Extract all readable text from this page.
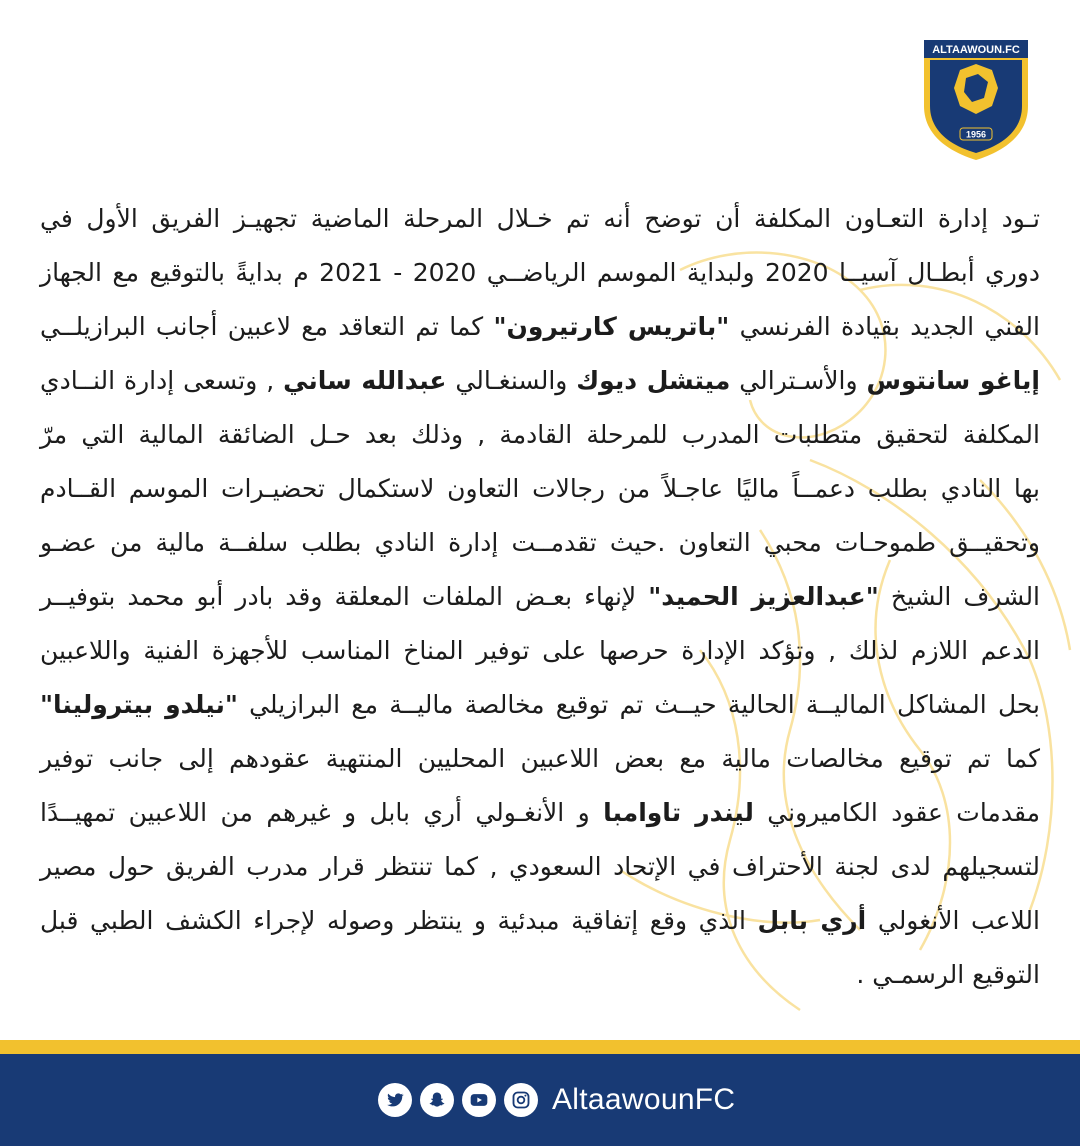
ALTAAWOUN.FC
1956
تـود إدارة التعـاون المكلفة أن توضح أنه تم خـلال المرحلة الماضية تجهيـز الفريق الأول في
دوري أبطـال آسيــا 2020 ولبداية الموسم الرياضــي 2020 - 2021 م بدايةً بالتوقيع مع الجهاز
الفني الجديد بقيادة الفرنسي "باتريس كارتيرون" كما تم التعاقد مع لاعبين أجانب البرازيلــي
إياغو سانتوس والأسـترالي ميتشل ديوك والسنغـالي عبدالله ساني , وتسعى إدارة النــادي
المكلفة لتحقيق متطلبات المدرب للمرحلة القادمة , وذلك بعد حـل الضائقة المالية التي مرّ
بها النادي بطلب دعمــاً ماليًا عاجـلاً من رجالات التعاون لاستكمال تحضيـرات الموسم القــادم
وتحقيــق طموحـات محبي التعاون .حيث تقدمــت إدارة النادي بطلب سلفــة مالية من عضـو
الشرف الشيخ "عبدالعزيز الحميد" لإنهاء بعـض الملفات المعلقة وقد بادر أبو محمد بتوفيــر
الدعم اللازم لذلك , وتؤكد الإدارة حرصها على توفير المناخ المناسب للأجهزة الفنية واللاعبين
بحل المشاكل الماليــة الحالية حيــث تم توقيع مخالصة ماليــة مع البرازيلي "نيلدو بيترولينا"
كما تم توقيع مخالصات مالية مع بعض اللاعبين المحليين المنتهية عقودهم إلى جانب توفير
مقدمات عقود الكاميروني ليندر تاوامبا و الأنغـولي أري بابل و غيرهم من اللاعبين تمهيــدًا
لتسجيلهم لدى لجنة الأحتراف في الإتحاد السعودي , كما تنتظر قرار مدرب الفريق حول مصير
اللاعب الأنغولي أري بابل الذي وقع إتفاقية مبدئية و ينتظر وصوله لإجراء الكشف الطبي قبل
التوقيع الرسمـي .
AltaawounFC
